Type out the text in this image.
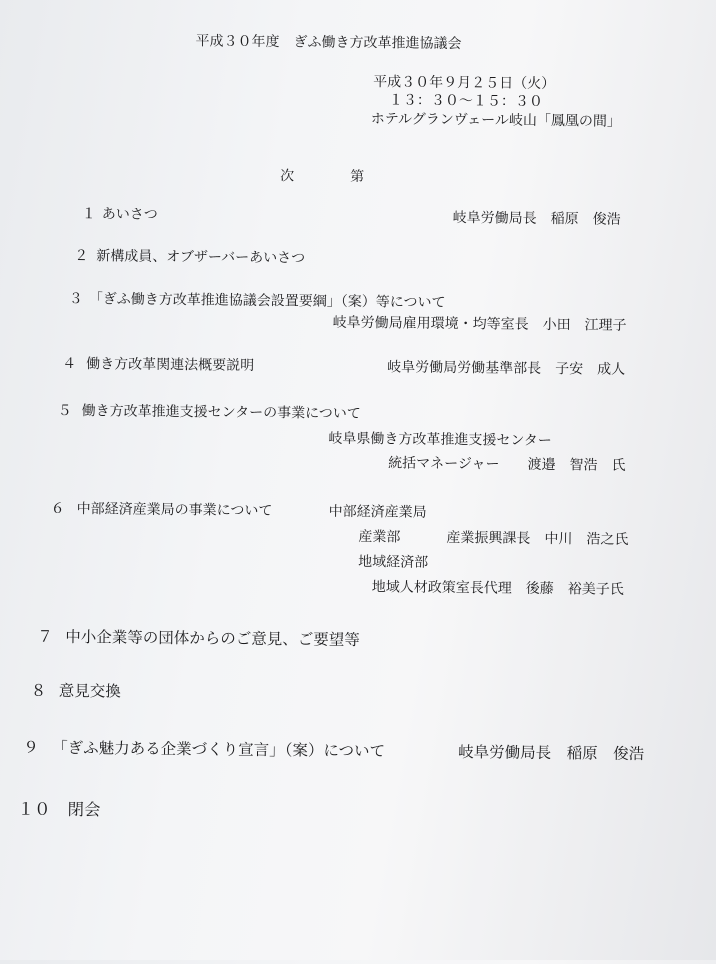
平成３０年度　ぎふ働き方改革推進協議会
平成３０年９月２５日（火）
１３：３０～１５：３０
ホテルグランヴェール岐山「鳳凰の間」
次　　　　第
１ あいさつ	岐阜労働局長　稲原　俊浩
２ 新構成員、オブザーバーあいさつ
３ 「ぎふ働き方改革推進協議会設置要綱」（案）等について
岐阜労働局雇用環境・均等室長　小田　江理子
４ 働き方改革関連法概要説明	岐阜労働局労働基準部長　子安　成人
５ 働き方改革推進支援センターの事業について
岐阜県働き方改革推進支援センター
統括マネージャー　　渡邉　智浩　氏
６ 中部経済産業局の事業について	中部経済産業局
産業部	産業振興課長　中川　浩之氏
地域経済部
地域人材政策室長代理　後藤　裕美子氏
７ 中小企業等の団体からのご意見、ご要望等
８ 意見交換
９ 「ぎふ魅力ある企業づくり宣言」（案）について	岐阜労働局長　稲原　俊浩
１０ 閉会
